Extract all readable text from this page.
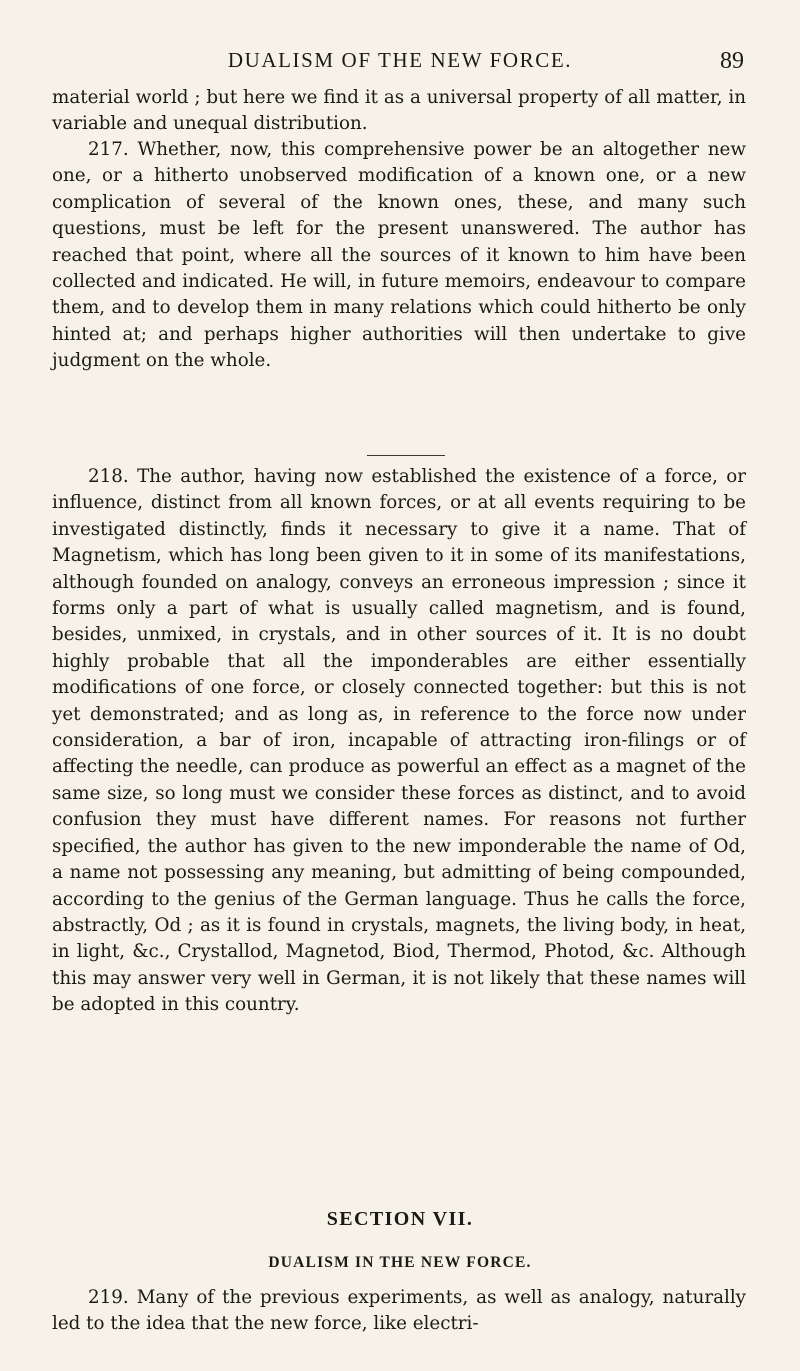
DUALISM OF THE NEW FORCE.	89

material world ; but here we find it as a universal property of all matter, in variable and unequal distribution.

217. Whether, now, this comprehensive power be an altogether new one, or a hitherto unobserved modification of a known one, or a new complication of several of the known ones, these, and many such questions, must be left for the present unanswered. The author has reached that point, where all the sources of it known to him have been collected and indicated. He will, in future memoirs, endeavour to compare them, and to develop them in many relations which could hitherto be only hinted at; and perhaps higher authorities will then undertake to give judgment on the whole.

218. The author, having now established the existence of a force, or influence, distinct from all known forces, or at all events requiring to be investigated distinctly, finds it necessary to give it a name. That of Magnetism, which has long been given to it in some of its manifestations, although founded on analogy, conveys an erroneous impression ; since it forms only a part of what is usually called magnetism, and is found, besides, unmixed, in crystals, and in other sources of it. It is no doubt highly probable that all the imponderables are either essentially modifications of one force, or closely connected together: but this is not yet demonstrated; and as long as, in reference to the force now under consideration, a bar of iron, incapable of attracting iron-filings or of affecting the needle, can produce as powerful an effect as a magnet of the same size, so long must we consider these forces as distinct, and to avoid confusion they must have different names. For reasons not further specified, the author has given to the new imponderable the name of Od, a name not possessing any meaning, but admitting of being compounded, according to the genius of the German language. Thus he calls the force, abstractly, Od ; as it is found in crystals, magnets, the living body, in heat, in light, &c., Crystallod, Magnetod, Biod, Thermod, Photod, &c. Although this may answer very well in German, it is not likely that these names will be adopted in this country.

SECTION VII.
DUALISM IN THE NEW FORCE.

219. Many of the previous experiments, as well as analogy, naturally led to the idea that the new force, like electri-
